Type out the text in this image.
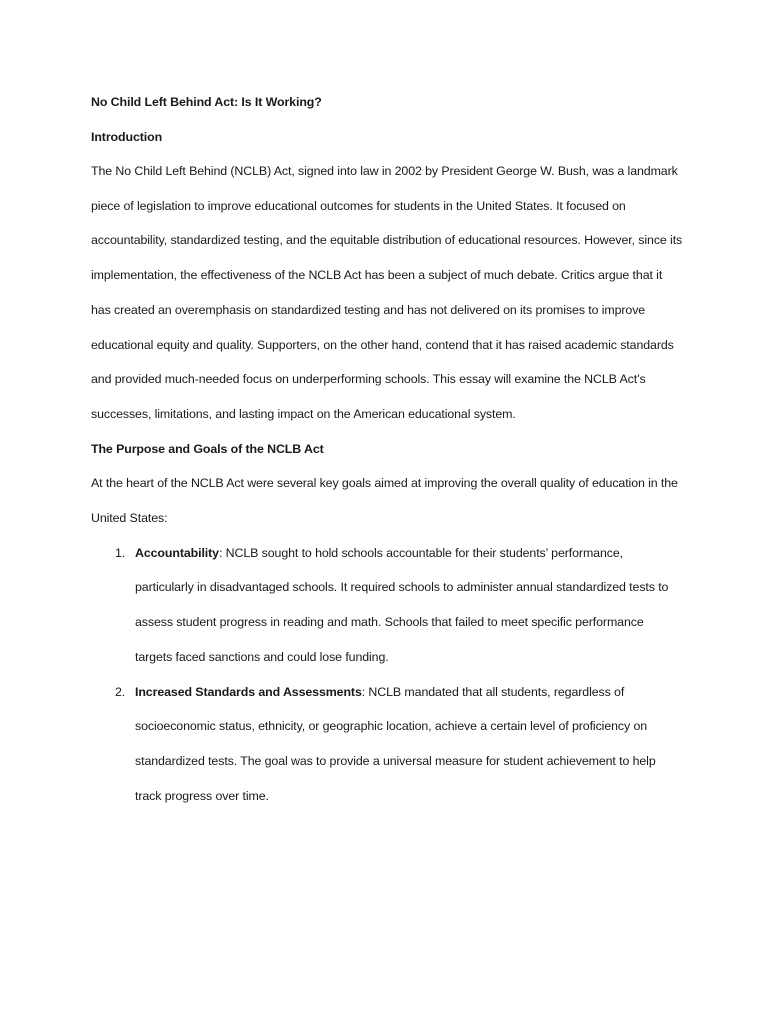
No Child Left Behind Act: Is It Working?

Introduction

The No Child Left Behind (NCLB) Act, signed into law in 2002 by President George W. Bush, was a landmark piece of legislation to improve educational outcomes for students in the United States. It focused on accountability, standardized testing, and the equitable distribution of educational resources. However, since its implementation, the effectiveness of the NCLB Act has been a subject of much debate. Critics argue that it has created an overemphasis on standardized testing and has not delivered on its promises to improve educational equity and quality. Supporters, on the other hand, contend that it has raised academic standards and provided much-needed focus on underperforming schools. This essay will examine the NCLB Act’s successes, limitations, and lasting impact on the American educational system.

The Purpose and Goals of the NCLB Act

At the heart of the NCLB Act were several key goals aimed at improving the overall quality of education in the United States:

1. Accountability: NCLB sought to hold schools accountable for their students’ performance, particularly in disadvantaged schools. It required schools to administer annual standardized tests to assess student progress in reading and math. Schools that failed to meet specific performance targets faced sanctions and could lose funding.
2. Increased Standards and Assessments: NCLB mandated that all students, regardless of socioeconomic status, ethnicity, or geographic location, achieve a certain level of proficiency on standardized tests. The goal was to provide a universal measure for student achievement to help track progress over time.
